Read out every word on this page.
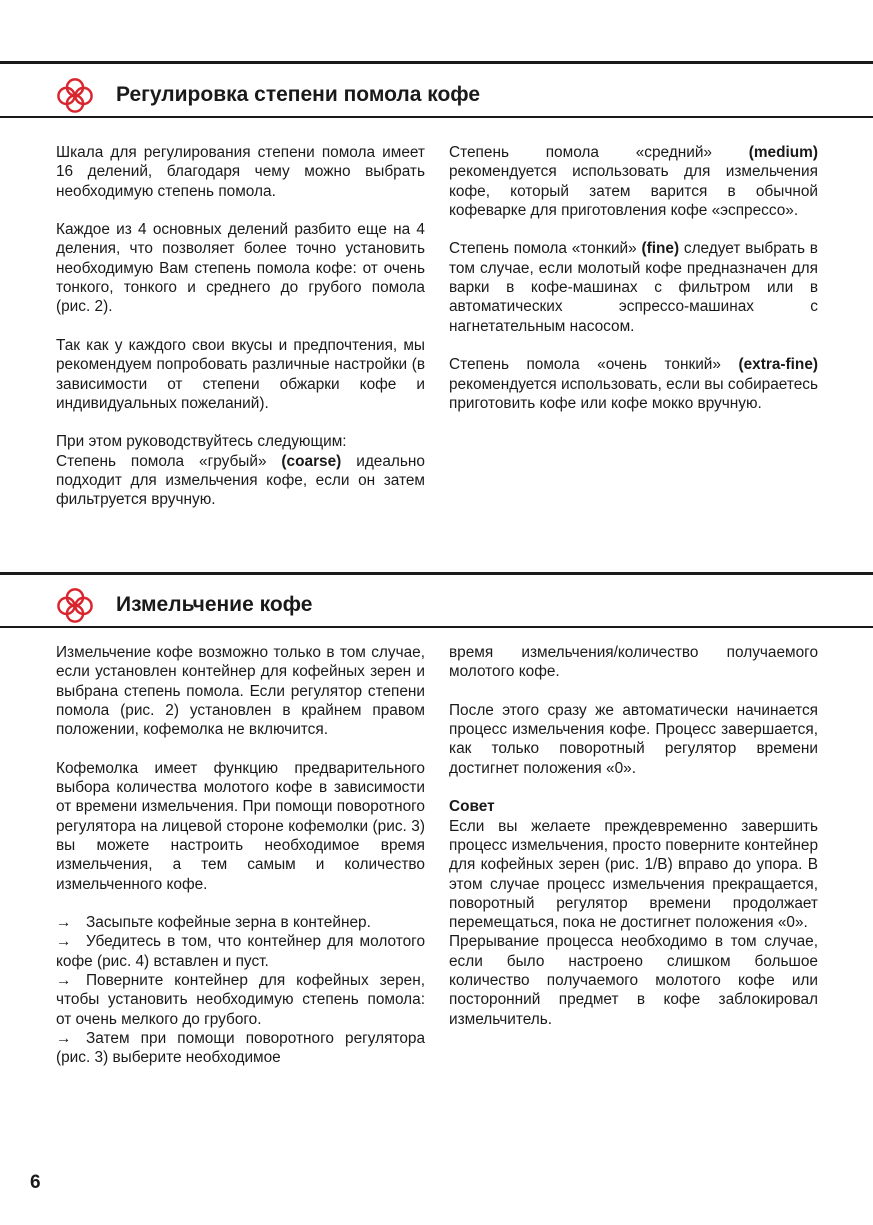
Регулировка степени помола кофе

Шкала для регулирования степени помола имеет 16 делений, благодаря чему можно выбрать необходимую степень помола.

Каждое из 4 основных делений разбито еще на 4 деления, что позволяет более точно установить необходимую Вам степень помола кофе: от очень тонкого, тонкого и среднего до грубого помола (рис. 2).

Так как у каждого свои вкусы и предпочтения, мы рекомендуем попробовать различные настройки (в зависимости от степени обжарки кофе и индивидуальных пожеланий).

При этом руководствуйтесь следующим:

Степень помола «грубый» (coarse) идеально подходит для измельчения кофе, если он затем фильтруется вручную.

Степень помола «средний» (medium) рекомендуется использовать для измельчения кофе, который затем варится в обычной кофеварке для приготовления кофе «эспрессо».

Степень помола «тонкий» (fine) следует выбрать в том случае, если молотый кофе предназначен для варки в кофе-машинах с фильтром или в автоматических эспрессо-машинах с нагнетательным насосом.

Степень помола «очень тонкий» (extra-fine) рекомендуется использовать, если вы собираетесь приготовить кофе или кофе мокко вручную.

Измельчение кофе

Измельчение кофе возможно только в том случае, если установлен контейнер для кофейных зерен и выбрана степень помола. Если регулятор степени помола (рис. 2) установлен в крайнем правом положении, кофемолка не включится.

Кофемолка имеет функцию предварительного выбора количества молотого кофе в зависимости от времени измельчения. При помощи поворотного регулятора на лицевой стороне кофемолки (рис. 3) вы можете настроить необходимое время измельчения, а тем самым и количество измельченного кофе.

→ Засыпьте кофейные зерна в контейнер.
→ Убедитесь в том, что контейнер для молотого кофе (рис. 4) вставлен и пуст.
→ Поверните контейнер для кофейных зерен, чтобы установить необходимую степень помола: от очень мелкого до грубого.
→ Затем при помощи поворотного регулятора (рис. 3) выберите необходимое

время измельчения/количество получаемого молотого кофе.

После этого сразу же автоматически начинается процесс измельчения кофе. Процесс завершается, как только поворотный регулятор времени достигнет положения «0».

Совет

Если вы желаете преждевременно завершить процесс измельчения, просто поверните контейнер для кофейных зерен (рис. 1/B) вправо до упора. В этом случае процесс измельчения прекращается, поворотный регулятор времени продолжает перемещаться, пока не достигнет положения «0».

Прерывание процесса необходимо в том случае, если было настроено слишком большое количество получаемого молотого кофе или посторонний предмет в кофе заблокировал измельчитель.

6
